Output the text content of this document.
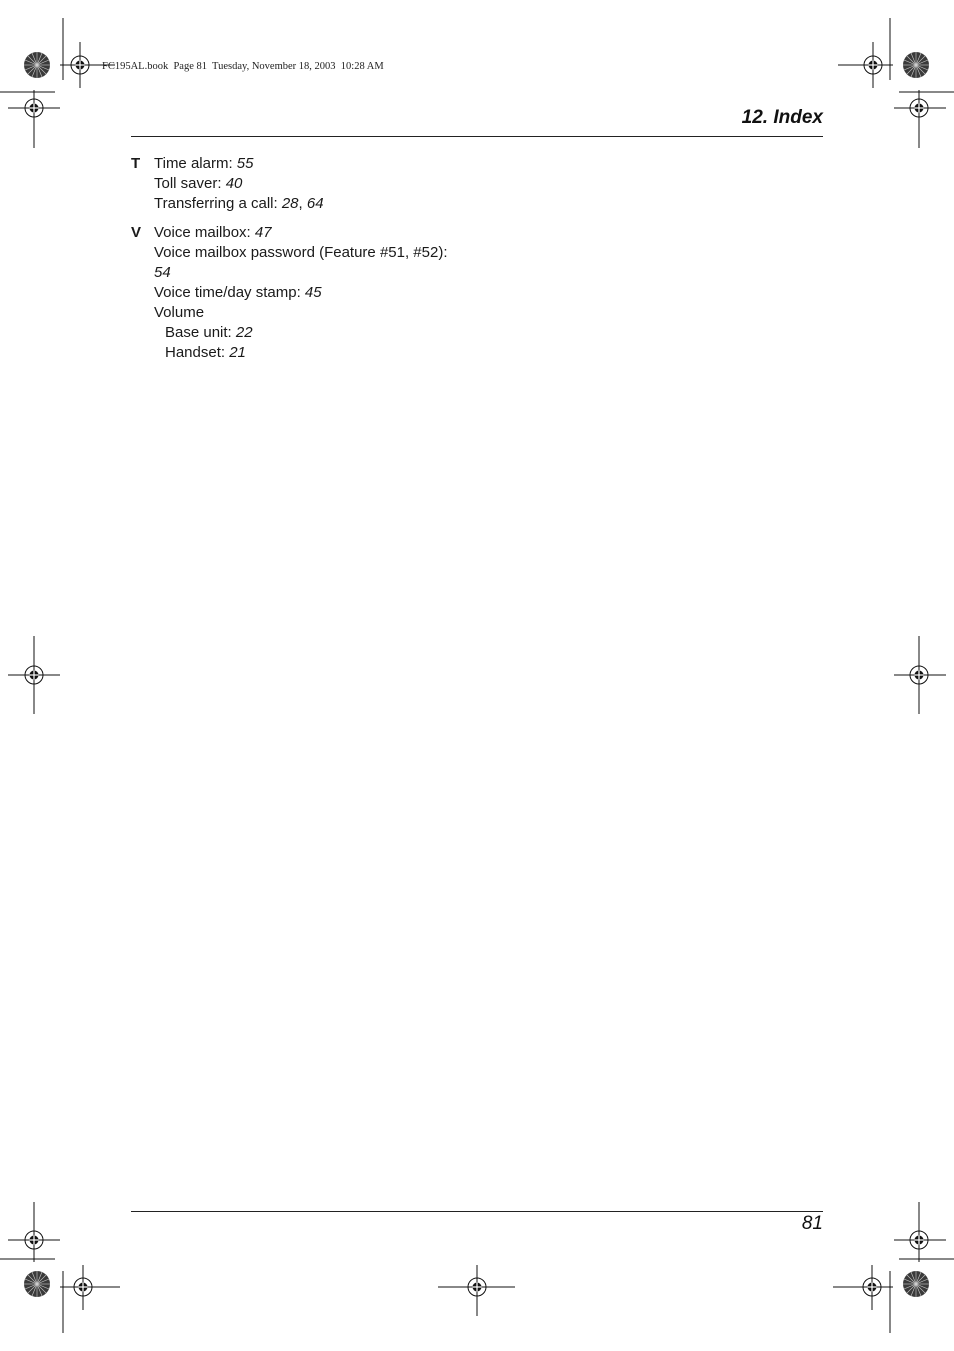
FC195AL.book  Page 81  Tuesday, November 18, 2003  10:28 AM
12. Index
T Time alarm: 55
Toll saver: 40
Transferring a call: 28, 64
V Voice mailbox: 47
Voice mailbox password (Feature #51, #52):
54
Voice time/day stamp: 45
Volume
Base unit: 22
Handset: 21
81
